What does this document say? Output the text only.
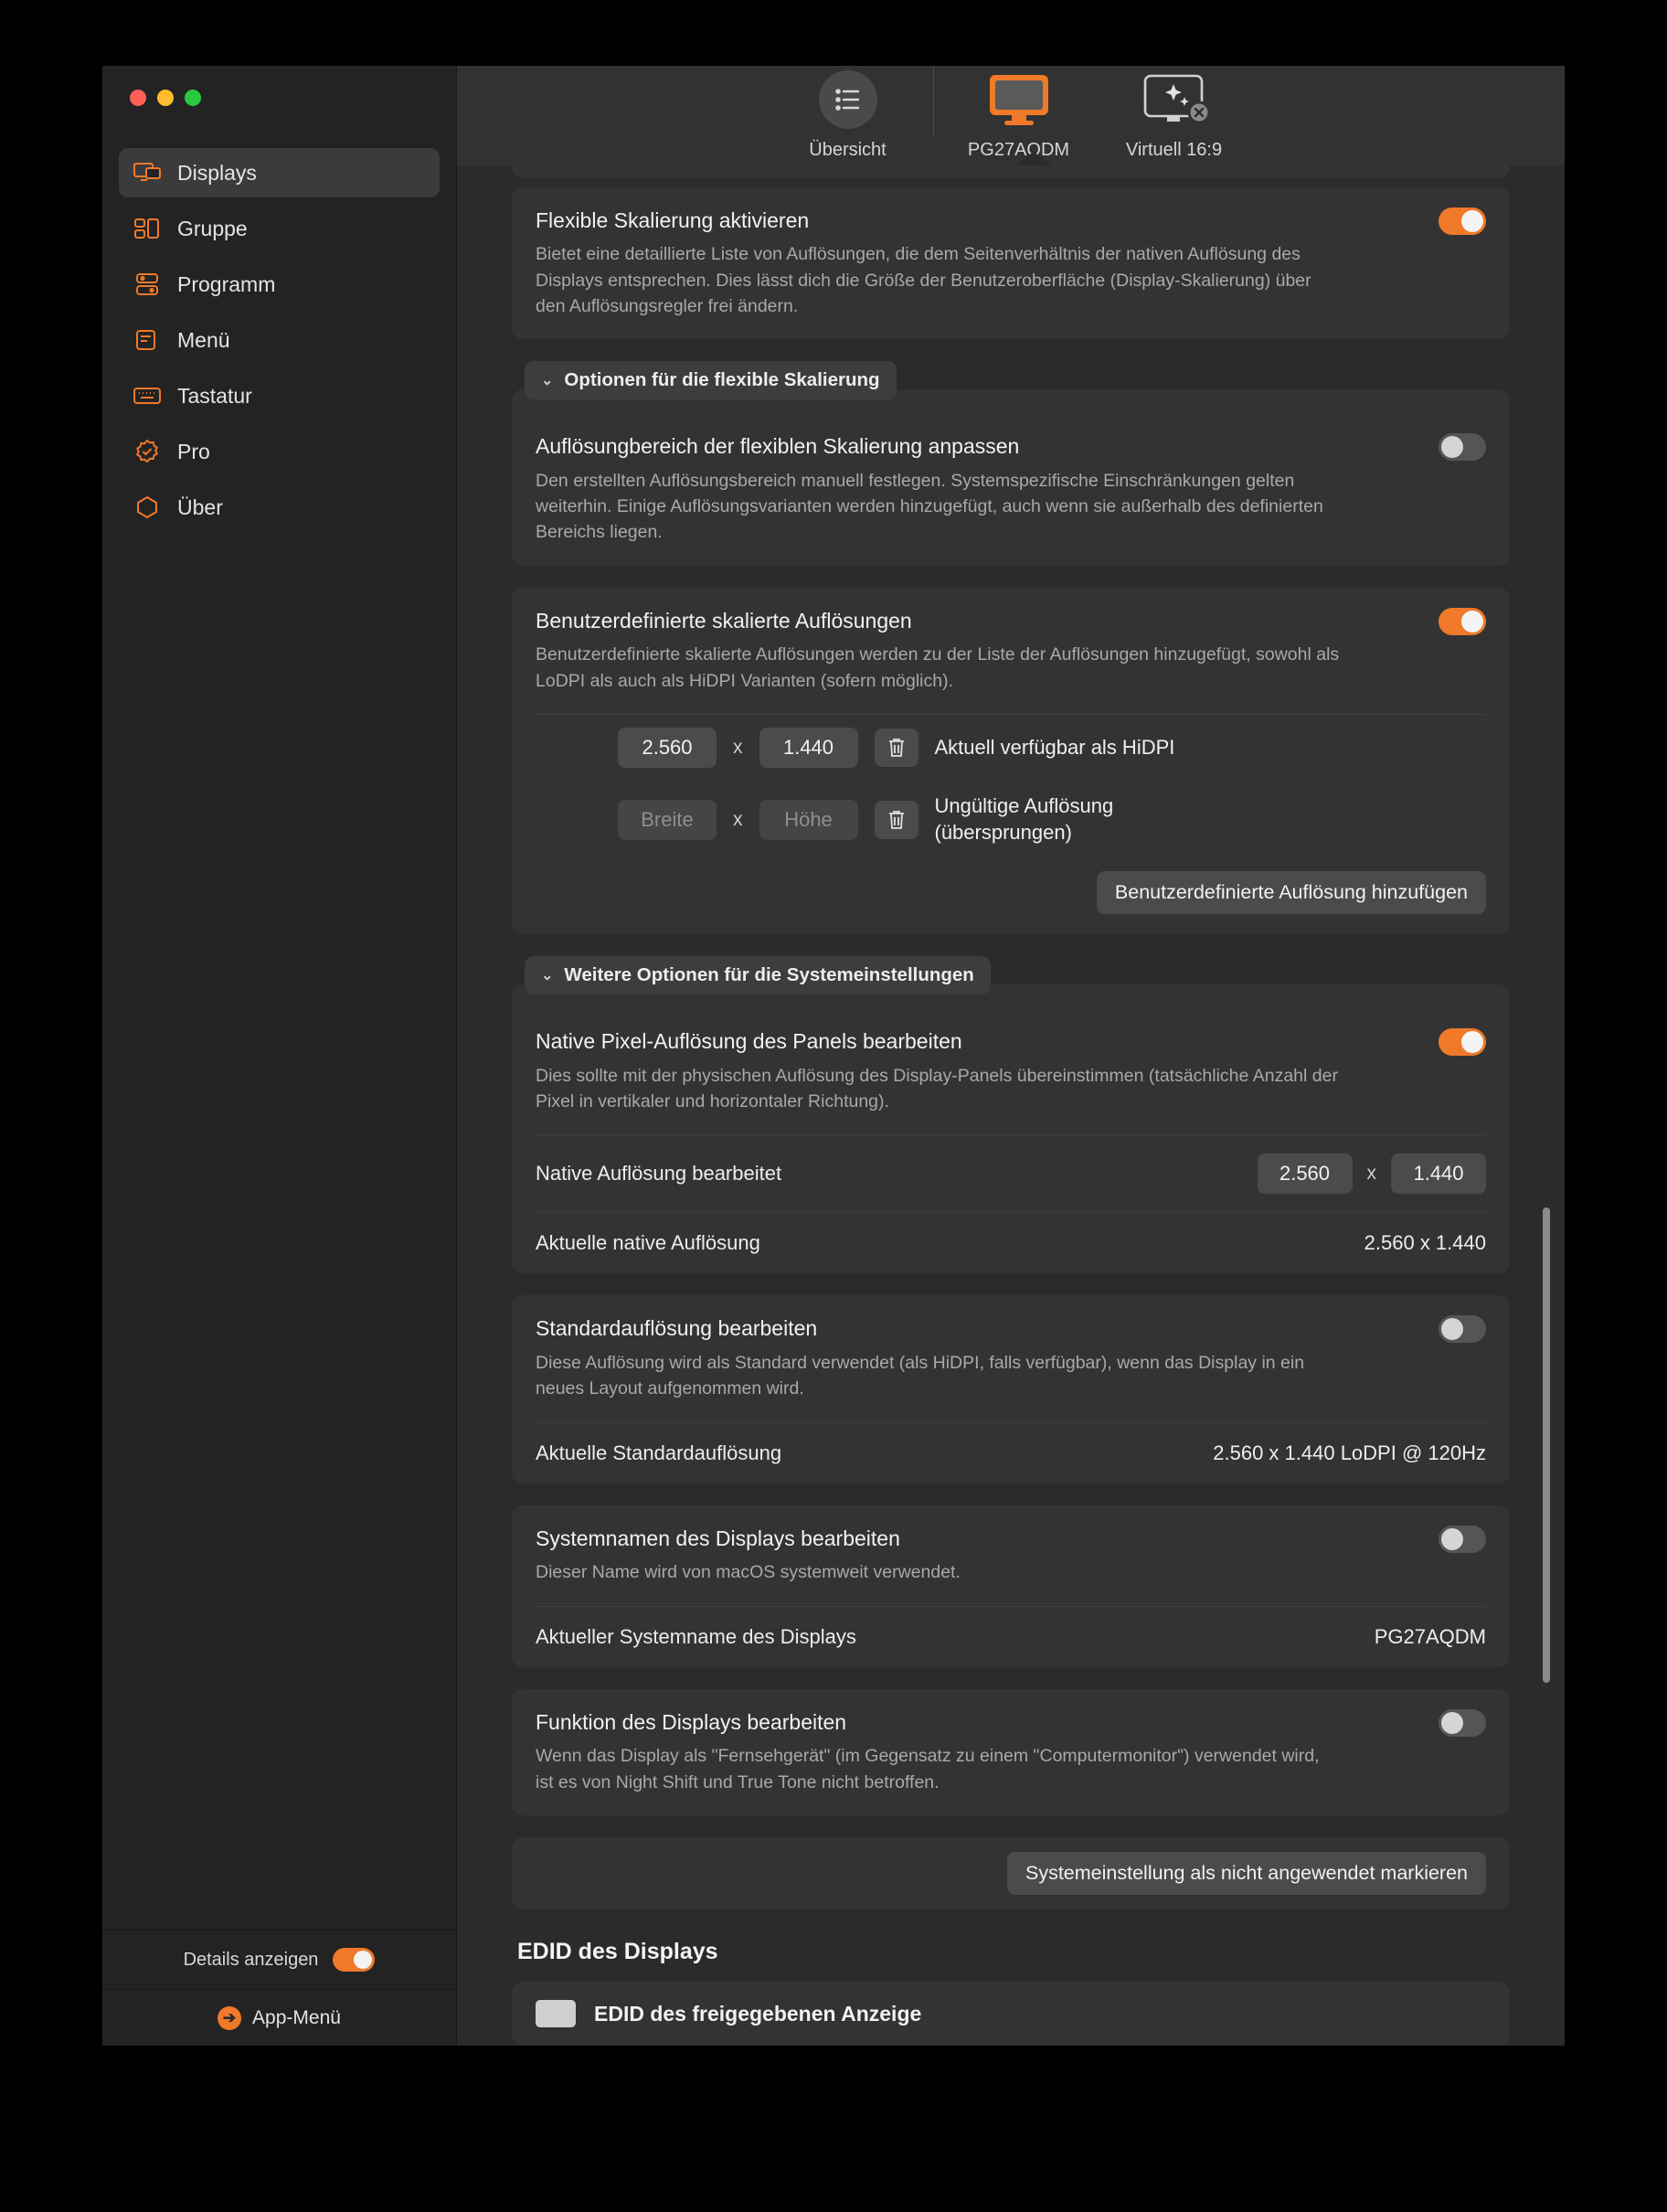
Displays
Gruppe
Programm
Menü
Tastatur
Pro
Über
Details anzeigen
➔ App-Menü
Übersicht	PG27AQDM	Virtuell 16:9
Flexible Skalierung aktivieren
Bietet eine detaillierte Liste von Auflösungen, die dem Seitenverhältnis der nativen Auflösung des Displays entsprechen. Dies lässt dich die Größe der Benutzeroberfläche (Display-Skalierung) über den Auflösungsregler frei ändern.
⌄ Optionen für die flexible Skalierung
Auflösungbereich der flexiblen Skalierung anpassen
Den erstellten Auflösungsbereich manuell festlegen. Systemspezifische Einschränkungen gelten weiterhin. Einige Auflösungsvarianten werden hinzugefügt, auch wenn sie außerhalb des definierten Bereichs liegen.
Benutzerdefinierte skalierte Auflösungen
Benutzerdefinierte skalierte Auflösungen werden zu der Liste der Auflösungen hinzugefügt, sowohl als LoDPI als auch als HiDPI Varianten (sofern möglich).
2.560	x	1.440	Aktuell verfügbar als HiDPI
Breite	x	Höhe
Ungültige Auflösung
(übersprungen)
Benutzerdefinierte Auflösung hinzufügen
⌄ Weitere Optionen für die Systemeinstellungen
Native Pixel-Auflösung des Panels bearbeiten
Dies sollte mit der physischen Auflösung des Display-Panels übereinstimmen (tatsächliche Anzahl der Pixel in vertikaler und horizontaler Richtung).
Native Auflösung bearbeitet	2.560	x	1.440
Aktuelle native Auflösung	2.560 x 1.440
Standardauflösung bearbeiten
Diese Auflösung wird als Standard verwendet (als HiDPI, falls verfügbar), wenn das Display in ein neues Layout aufgenommen wird.
Aktuelle Standardauflösung	2.560 x 1.440 LoDPI @ 120Hz
Systemnamen des Displays bearbeiten
Dieser Name wird von macOS systemweit verwendet.
Aktueller Systemname des Displays	PG27AQDM
Funktion des Displays bearbeiten
Wenn das Display als "Fernsehgerät" (im Gegensatz zu einem "Computermonitor") verwendet wird, ist es von Night Shift und True Tone nicht betroffen.
Systemeinstellung als nicht angewendet markieren
EDID des Displays
EDID des freigegebenen Anzeige
